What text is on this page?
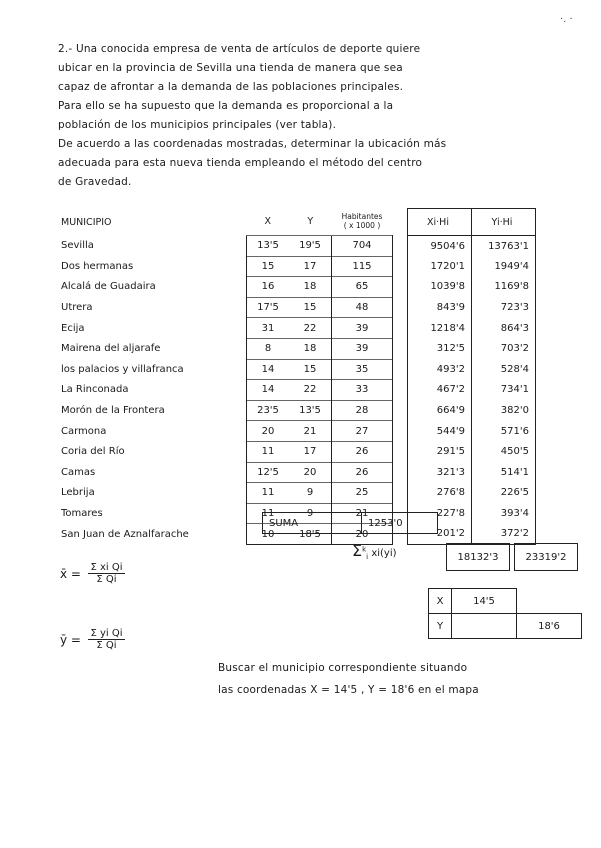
·. ·

2.- Una conocida empresa de venta de artículos de deporte quiere

ubicar en la provincia de Sevilla una tienda de manera que sea

capaz de afrontar a la demanda de las poblaciones principales.

Para ello se ha supuesto que la demanda es proporcional a la

población de los municipios principales (ver tabla).

De acuerdo a las coordenadas mostradas, determinar la ubicación más

adecuada para esta nueva tienda empleando el método del centro

de Gravedad.

MUNICIPIO	X	Y	Habitantes
( x 1000 )		Xi·Hi	Yi·Hi
Sevilla	13'5	19'5	704		9504'6	13763'1
Dos hermanas	15	17	115		1720'1	1949'4
Alcalá de Guadaira	16	18	65		1039'8	1169'8
Utrera	17'5	15	48		843'9	723'3
Ecija	31	22	39		1218'4	864'3
Mairena del aljarafe	8	18	39		312'5	703'2
los palacios y villafranca	14	15	35		493'2	528'4
La Rinconada	14	22	33		467'2	734'1
Morón de la Frontera	23'5	13'5	28		664'9	382'0
Carmona	20	21	27		544'9	571'6
Coria del Río	11	17	26		291'5	450'5
Camas	12'5	20	26		321'3	514'1
Lebrija	11	9	25		276'8	226'5
Tomares	11	9	21		227'8	393'4
San Juan de Aznalfarache	10	18'5	20		201'2	372'2
SUMA	1253'0
$\Sigma^k_i$ xi(yi)	18132'3	23319'2
X	14'5	
Y		18'6
x̄ = $\frac{\text{Σ xi Qi}}{\text{Σ Qi}}$
ȳ = $\frac{\text{Σ yi Qi}}{\text{Σ Qi}}$

Buscar el municipio correspondiente situando

las coordenadas X = 14'5 , Y = 18'6 en el mapa
